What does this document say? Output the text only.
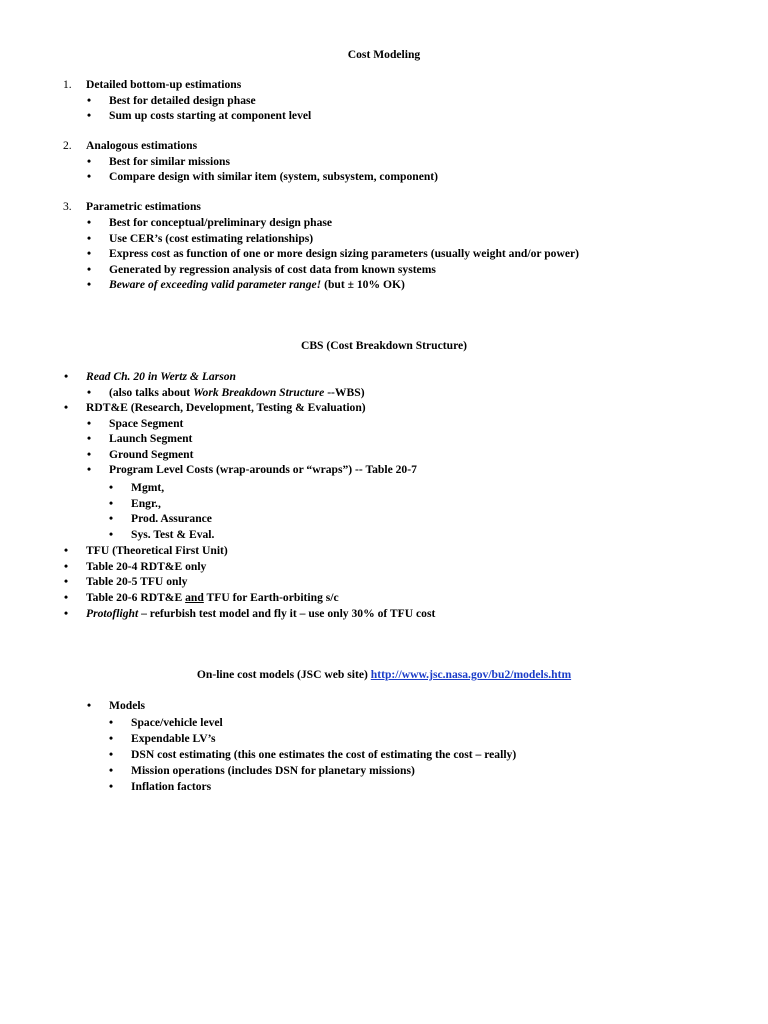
Cost Modeling
1. Detailed bottom-up estimations
• Best for detailed design phase
• Sum up costs starting at component level
2. Analogous estimations
• Best for similar missions
• Compare design with similar item (system, subsystem, component)
3. Parametric estimations
• Best for conceptual/preliminary design phase
• Use CER’s (cost estimating relationships)
• Express cost as function of one or more design sizing parameters (usually weight and/or power)
• Generated by regression analysis of cost data from known systems
• Beware of exceeding valid parameter range! (but ± 10% OK)
CBS (Cost Breakdown Structure)
• Read Ch. 20 in Wertz & Larson
• (also talks about Work Breakdown Structure --WBS)
• RDT&E (Research, Development, Testing & Evaluation)
• Space Segment
• Launch Segment
• Ground Segment
• Program Level Costs (wrap-arounds or “wraps”) -- Table 20-7
• Mgmt,
• Engr.,
• Prod. Assurance
• Sys. Test & Eval.
• TFU (Theoretical First Unit)
• Table 20-4 RDT&E only
• Table 20-5 TFU only
• Table 20-6 RDT&E and TFU for Earth-orbiting s/c
• Protoflight – refurbish test model and fly it – use only 30% of TFU cost
On-line cost models (JSC web site) http://www.jsc.nasa.gov/bu2/models.htm
• Models
• Space/vehicle level
• Expendable LV’s
• DSN cost estimating (this one estimates the cost of estimating the cost – really)
• Mission operations (includes DSN for planetary missions)
• Inflation factors
